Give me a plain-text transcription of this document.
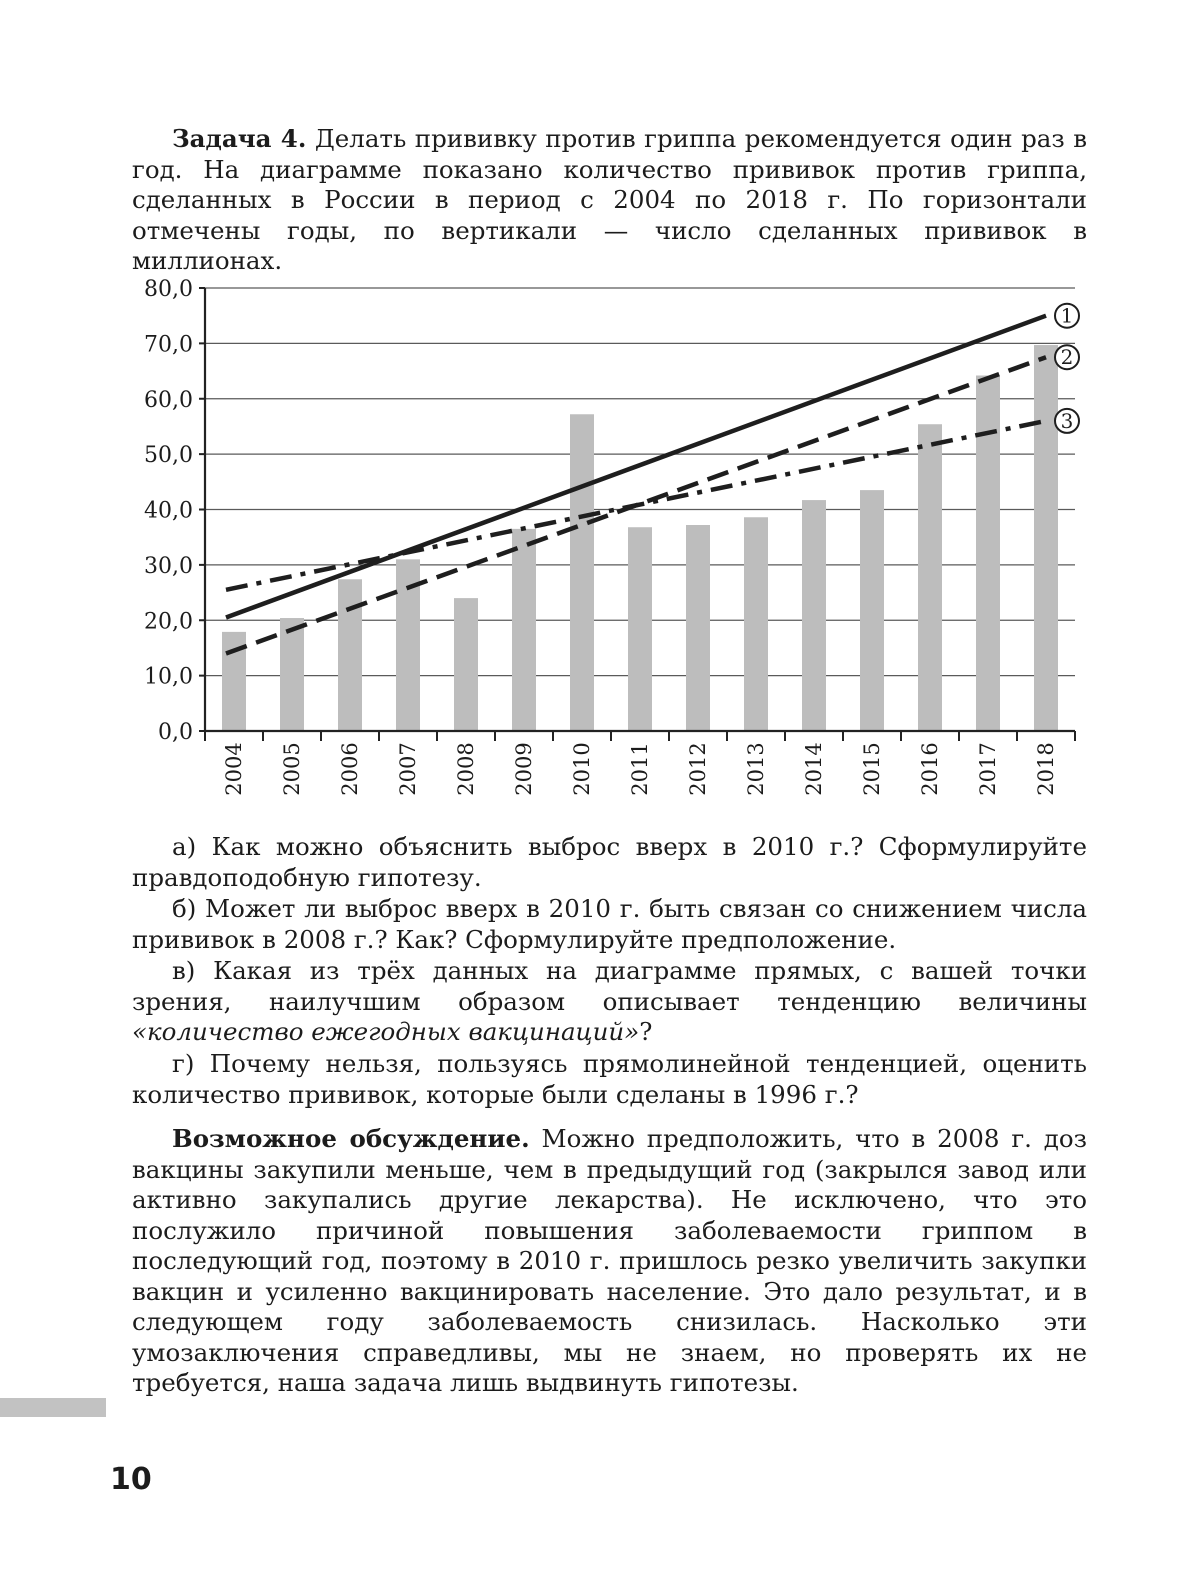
Задача 4. Делать прививку против гриппа рекомендуется один раз в год. На диаграмме показано количество прививок против гриппа, сделанных в России в период с 2004 по 2018 г. По горизонтали отмечены годы, по вертикали — число сделанных прививок в миллионах.
0,0
10,0
20,0
30,0
40,0
50,0
60,0
70,0
80,0
2004 2005 2006 2007 2008 2009 2010 2011 2012 2013 2014 2015 2016 2017 2018
1
2
3
а) Как можно объяснить выброс вверх в 2010 г.? Сформулируйте правдоподобную гипотезу.
б) Может ли выброс вверх в 2010 г. быть связан со снижением числа прививок в 2008 г.? Как? Сформулируйте предположение.
в) Какая из трёх данных на диаграмме прямых, с вашей точки зрения, наилучшим образом описывает тенденцию величины «количество ежегодных вакцинаций»?
г) Почему нельзя, пользуясь прямолинейной тенденцией, оценить количество прививок, которые были сделаны в 1996 г.?
Возможное обсуждение. Можно предположить, что в 2008 г. доз вакцины закупили меньше, чем в предыдущий год (закрылся завод или активно закупались другие лекарства). Не исключено, что это послужило причиной повышения заболеваемости гриппом в последующий год, поэтому в 2010 г. пришлось резко увеличить закупки вакцин и усиленно вакцинировать население. Это дало результат, и в следующем году заболеваемость снизилась. Насколько эти умозаключения справедливы, мы не знаем, но проверять их не требуется, наша задача лишь выдвинуть гипотезы.
10
